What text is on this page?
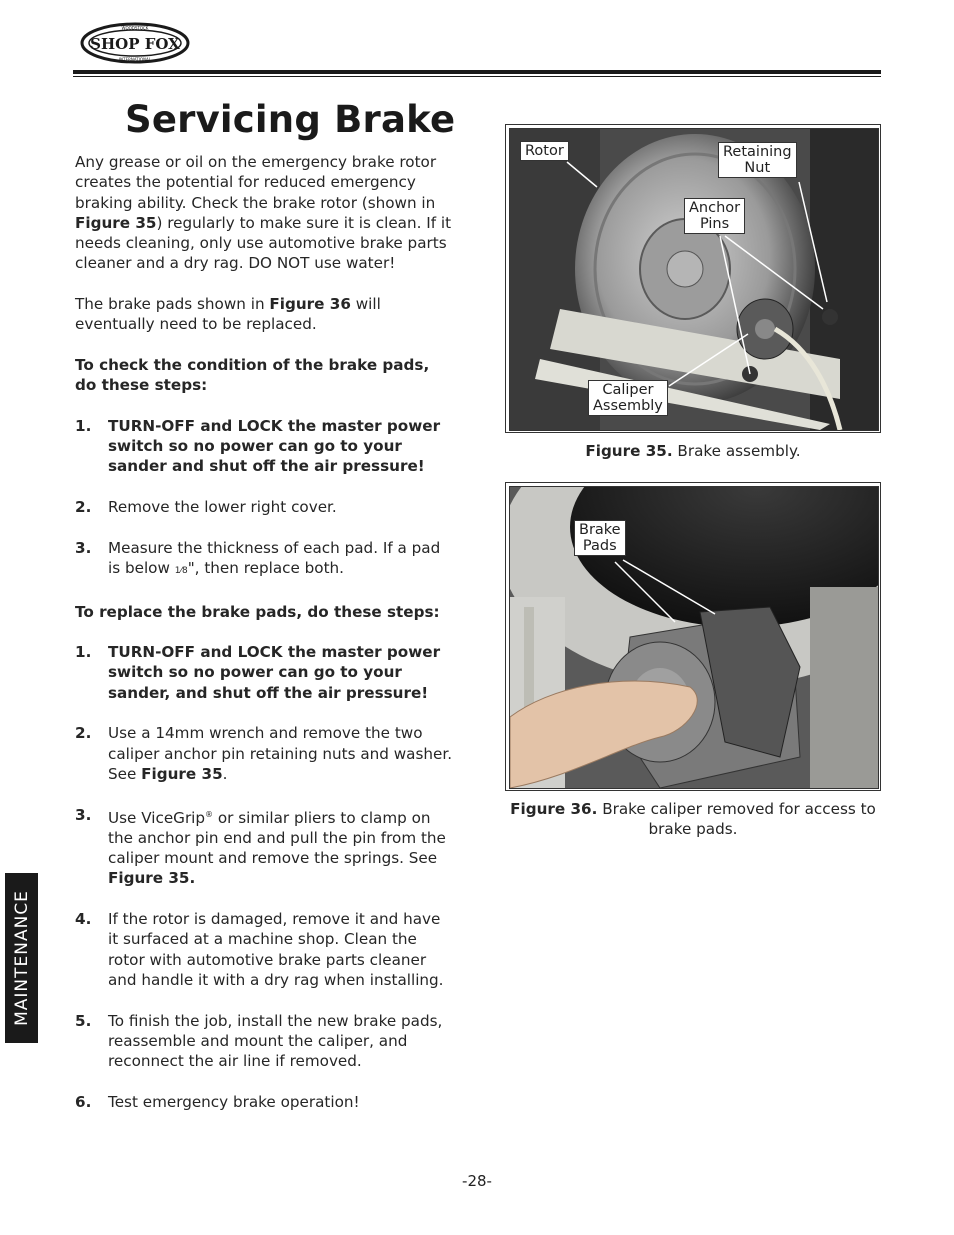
WOODSTOCK
INTERNATIONAL
SHOP FOX
Servicing Brake

Any grease or oil on the emergency brake rotor creates the potential for reduced emergency braking ability. Check the brake rotor (shown in Figure 35) regularly to make sure it is clean. If it needs cleaning, only use automotive brake parts cleaner and a dry rag. DO NOT use water!

The brake pads shown in Figure 36 will eventually need to be replaced.

To check the condition of the brake pads, do these steps:

1.	TURN-OFF and LOCK the master power switch so no power can go to your sander and shut off the air pressure!
2.	Remove the lower right cover.
3.	Measure the thickness of each pad. If a pad is below 1⁄8", then replace both.

To replace the brake pads, do these steps:

1.	TURN-OFF and LOCK the master power switch so no power can go to your sander, and shut off the air pressure!
2.	Use a 14mm wrench and remove the two caliper anchor pin retaining nuts and washer. See Figure 35.
3.	Use ViceGrip® or similar pliers to clamp on the anchor pin end and pull the pin from the caliper mount and remove the springs. See Figure 35.
4.	If the rotor is damaged, remove it and have it surfaced at a machine shop. Clean the rotor with automotive brake parts cleaner and handle it with a dry rag when installing.
5.	To finish the job, install the new brake pads, reassemble and mount the caliper, and reconnect the air line if removed.
6.	Test emergency brake operation!
Rotor	Retaining
Nut
Anchor
Pins
Caliper
Assembly
Figure 35. Brake assembly.
Brake
Pads
Figure 36. Brake caliper removed for access to brake pads.
MAINTENANCE
-28-
